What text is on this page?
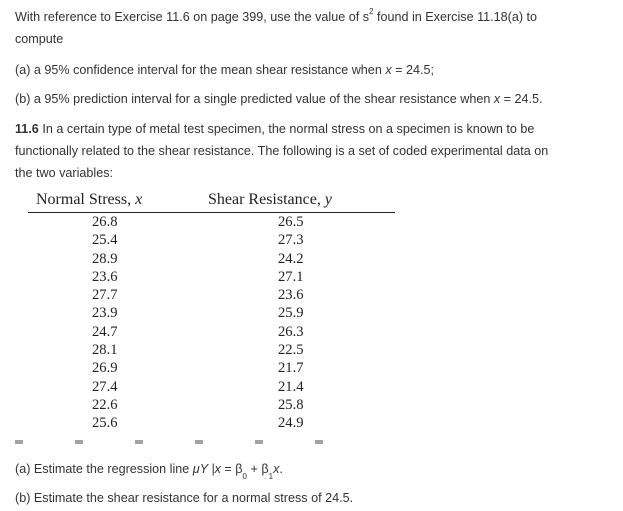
With reference to Exercise 11.6 on page 399, use the value of $s^2$ found in Exercise 11.18(a) to
compute
(a) a 95% confidence interval for the mean shear resistance when x = 24.5;
(b) a 95% prediction interval for a single predicted value of the shear resistance when x = 24.5.
11.6 In a certain type of metal test specimen, the normal stress on a specimen is known to be
functionally related to the shear resistance. The following is a set of coded experimental data on
the two variables:
Normal Stress, x	Shear Resistance, y
26.8	26.5
25.4	27.3
28.9	24.2
23.6	27.1
27.7	23.6
23.9	25.9
24.7	26.3
28.1	22.5
26.9	21.7
27.4	21.4
22.6	25.8
25.6	24.9
(a) Estimate the regression line μY $|x = \beta_0 + \beta_1x$.
(b) Estimate the shear resistance for a normal stress of 24.5.
